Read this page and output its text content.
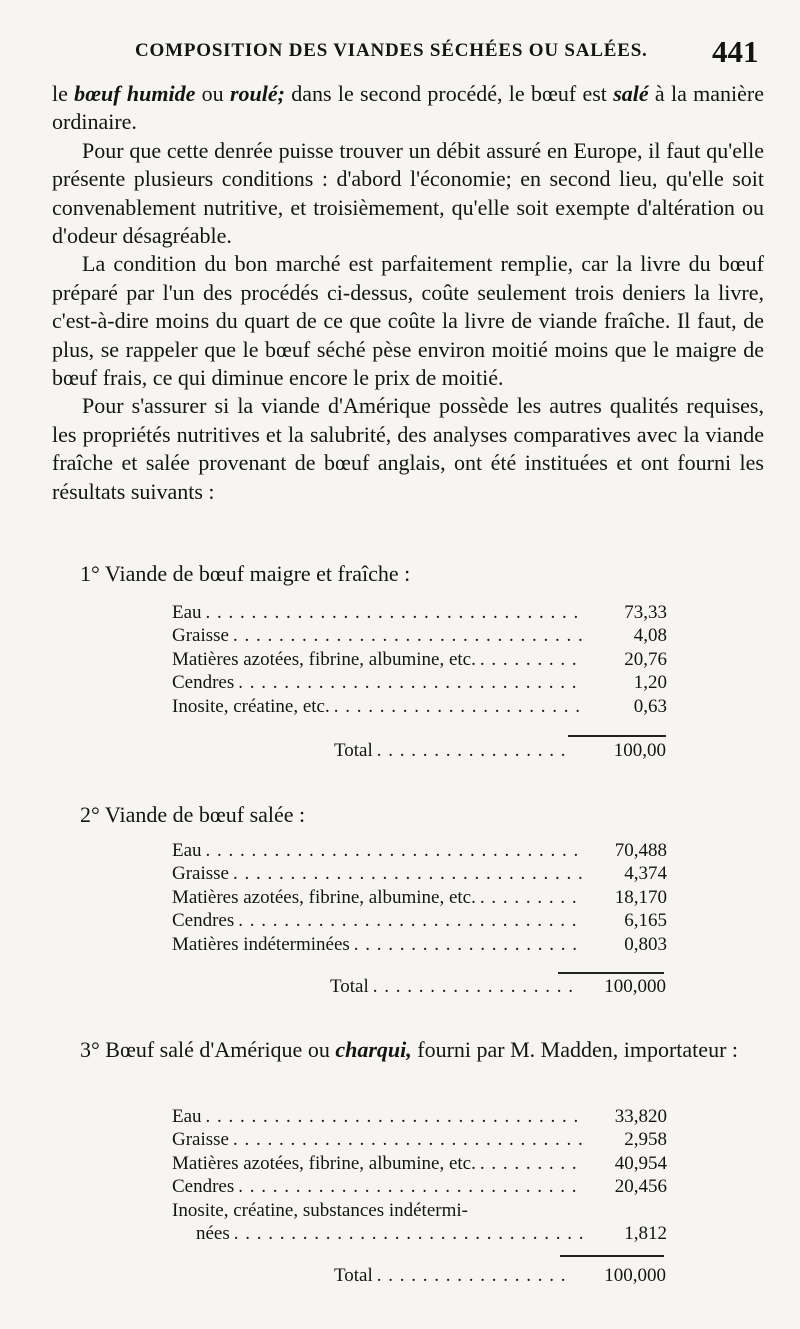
COMPOSITION DES VIANDES SÉCHÉES OU SALÉES. 441

le bœuf humide ou roulé; dans le second procédé, le bœuf est salé à la manière ordinaire.

Pour que cette denrée puisse trouver un débit assuré en Europe, il faut qu'elle présente plusieurs conditions : d'abord l'économie; en second lieu, qu'elle soit convenablement nutritive, et troisièmement, qu'elle soit exempte d'altération ou d'odeur désagréable.

La condition du bon marché est parfaitement remplie, car la livre du bœuf préparé par l'un des procédés ci-dessus, coûte seulement trois deniers la livre, c'est-à-dire moins du quart de ce que coûte la livre de viande fraîche. Il faut, de plus, se rappeler que le bœuf séché pèse environ moitié moins que le maigre de bœuf frais, ce qui diminue encore le prix de moitié.

Pour s'assurer si la viande d'Amérique possède les autres qualités requises, les propriétés nutritives et la salubrité, des analyses comparatives avec la viande fraîche et salée provenant de bœuf anglais, ont été instituées et ont fourni les résultats suivants :

1° Viande de bœuf maigre et fraîche :
Eau . . .	73,33
Graisse . . .	4,08
Matières azotées, fibrine, albumine, etc. . . .	20,76
Cendres . . .	1,20
Inosite, créatine, etc. . . .	0,63
Total . . .	100,00
2° Viande de bœuf salée :
Eau . . .	70,488
Graisse . . .	4,374
Matières azotées, fibrine, albumine, etc. . . .	18,170
Cendres . . .	6,165
Matières indéterminées . . .	0,803
Total . . .	100,000
3° Bœuf salé d'Amérique ou charqui, fourni par M. Madden, importateur :
Eau . . .	33,820
Graisse . . .	2,958
Matières azotées, fibrine, albumine, etc. . . .	40,954
Cendres . . .	20,456
Inosite, créatine, substances indétermi-
nées . . .	1,812
Total . . .	100,000
